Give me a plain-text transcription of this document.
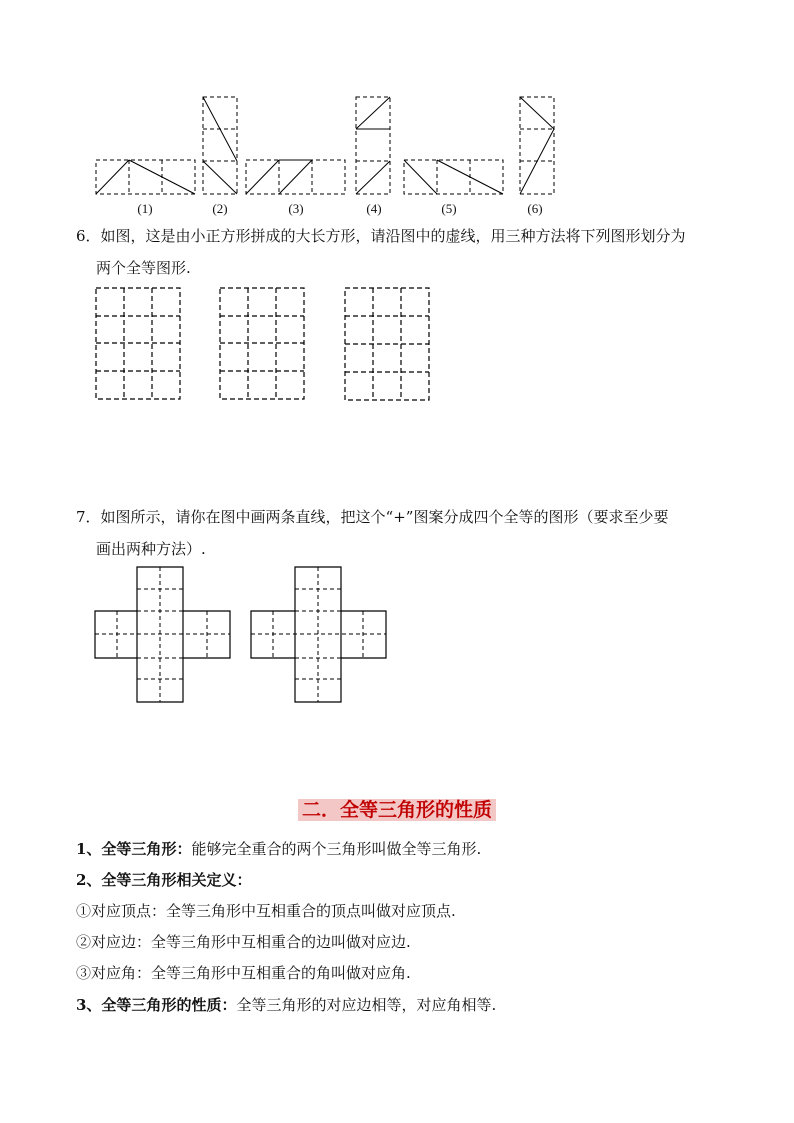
(1)	(2)	(3)	(4)	(5)	(6)
6．如图，这是由小正方形拼成的大长方形，请沿图中的虚线，用三种方法将下列图形划分为
两个全等图形.
7．如图所示，请你在图中画两条直线，把这个“+”图案分成四个全等的图形（要求至少要
画出两种方法）.
二．全等三角形的性质
1、全等三角形：能够完全重合的两个三角形叫做全等三角形.
2、全等三角形相关定义：
①对应顶点：全等三角形中互相重合的顶点叫做对应顶点.
②对应边：全等三角形中互相重合的边叫做对应边.
③对应角：全等三角形中互相重合的角叫做对应角.
3、全等三角形的性质：全等三角形的对应边相等，对应角相等.
